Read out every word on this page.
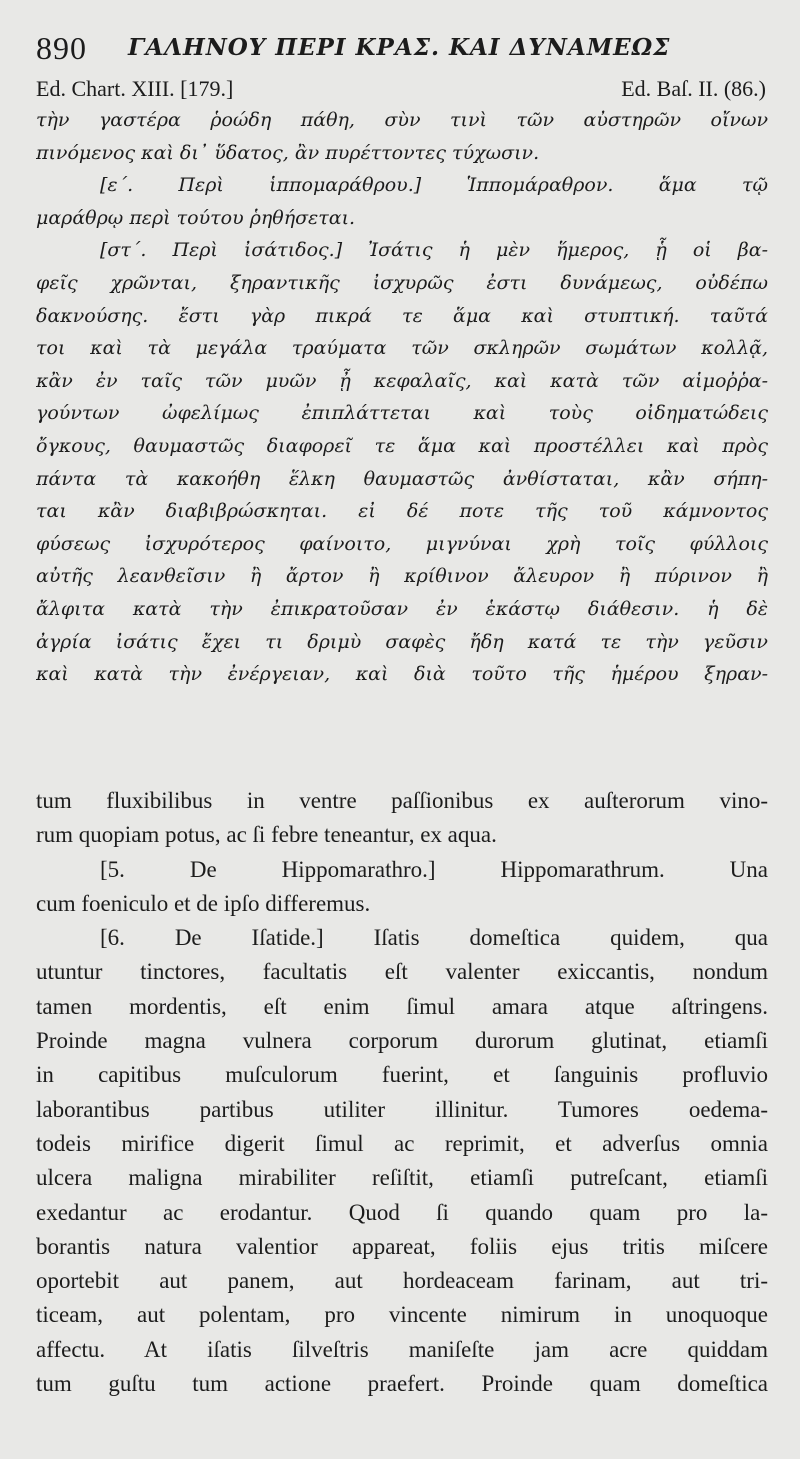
890 ΓΑΛΗΝΟΥ ΠΕΡΙ ΚΡΑΣ. ΚΑΙ ΔΥΝΑΜΕΩΣ
Ed. Chart. XIII. [179.]	Ed. Baſ. II. (86.)
τὴν γαστέρα ῥοώδη πάθη, σὺν τινὶ τῶν αὐστηρῶν οἴνων
πινόμενος καὶ δι᾽ ὕδατος, ἂν πυρέττοντες τύχωσιν.
[ε΄. Περὶ ἱππομαράθρου.] Ἱππομάραθρον. ἅμα τῷ
μαράθρῳ περὶ τούτου ῥηθήσεται.
[στ΄. Περὶ ἰσάτιδος.] Ἰσάτις ἡ μὲν ἥμερος, ᾗ οἱ βα-
φεῖς χρῶνται, ξηραντικῆς ἰσχυρῶς ἐστι δυνάμεως, οὐδέπω
δακνούσης. ἔστι γὰρ πικρά τε ἅμα καὶ στυπτική. ταῦτά
τοι καὶ τὰ μεγάλα τραύματα τῶν σκληρῶν σωμάτων κολλᾷ,
κἂν ἐν ταῖς τῶν μυῶν ᾖ κεφαλαῖς, καὶ κατὰ τῶν αἱμοῤῥα-
γούντων ὠφελίμως ἐπιπλάττεται καὶ τοὺς οἰδηματώδεις
ὄγκους, θαυμαστῶς διαφορεῖ τε ἅμα καὶ προστέλλει καὶ πρὸς
πάντα τὰ κακοήθη ἕλκη θαυμαστῶς ἀνθίσταται, κἂν σήπη-
ται κἂν διαβιβρώσκηται. εἰ δέ ποτε τῆς τοῦ κάμνοντος
φύσεως ἰσχυρότερος φαίνοιτο, μιγνύναι χρὴ τοῖς φύλλοις
αὐτῆς λεανθεῖσιν ἢ ἄρτον ἢ κρίθινον ἄλευρον ἢ πύρινον ἢ
ἄλφιτα κατὰ τὴν ἐπικρατοῦσαν ἐν ἑκάστῳ διάθεσιν. ἡ δὲ
ἀγρία ἰσάτις ἔχει τι δριμὺ σαφὲς ἤδη κατά τε τὴν γεῦσιν
καὶ κατὰ τὴν ἐνέργειαν, καὶ διὰ τοῦτο τῆς ἡμέρου ξηραν-
tum fluxibilibus in ventre paſſionibus ex auſterorum vino-
rum quopiam potus, ac ſi febre teneantur, ex aqua.
[5. De Hippomarathro.] Hippomarathrum. Una
cum foeniculo et de ipſo differemus.
[6. De Iſatide.] Iſatis domeſtica quidem, qua
utuntur tinctores, facultatis eſt valenter exiccantis, nondum
tamen mordentis, eſt enim ſimul amara atque aſtringens.
Proinde magna vulnera corporum durorum glutinat, etiamſi
in capitibus muſculorum fuerint, et ſanguinis profluvio
laborantibus partibus utiliter illinitur. Tumores oedema-
todeis mirifice digerit ſimul ac reprimit, et adverſus omnia
ulcera maligna mirabiliter reſiſtit, etiamſi putreſcant, etiamſi
exedantur ac erodantur. Quod ſi quando quam pro la-
borantis natura valentior appareat, foliis ejus tritis miſcere
oportebit aut panem, aut hordeaceam farinam, aut tri-
ticeam, aut polentam, pro vincente nimirum in unoquoque
affectu. At iſatis ſilveſtris maniſeſte jam acre quiddam
tum guſtu tum actione praefert. Proinde quam domeſtica
